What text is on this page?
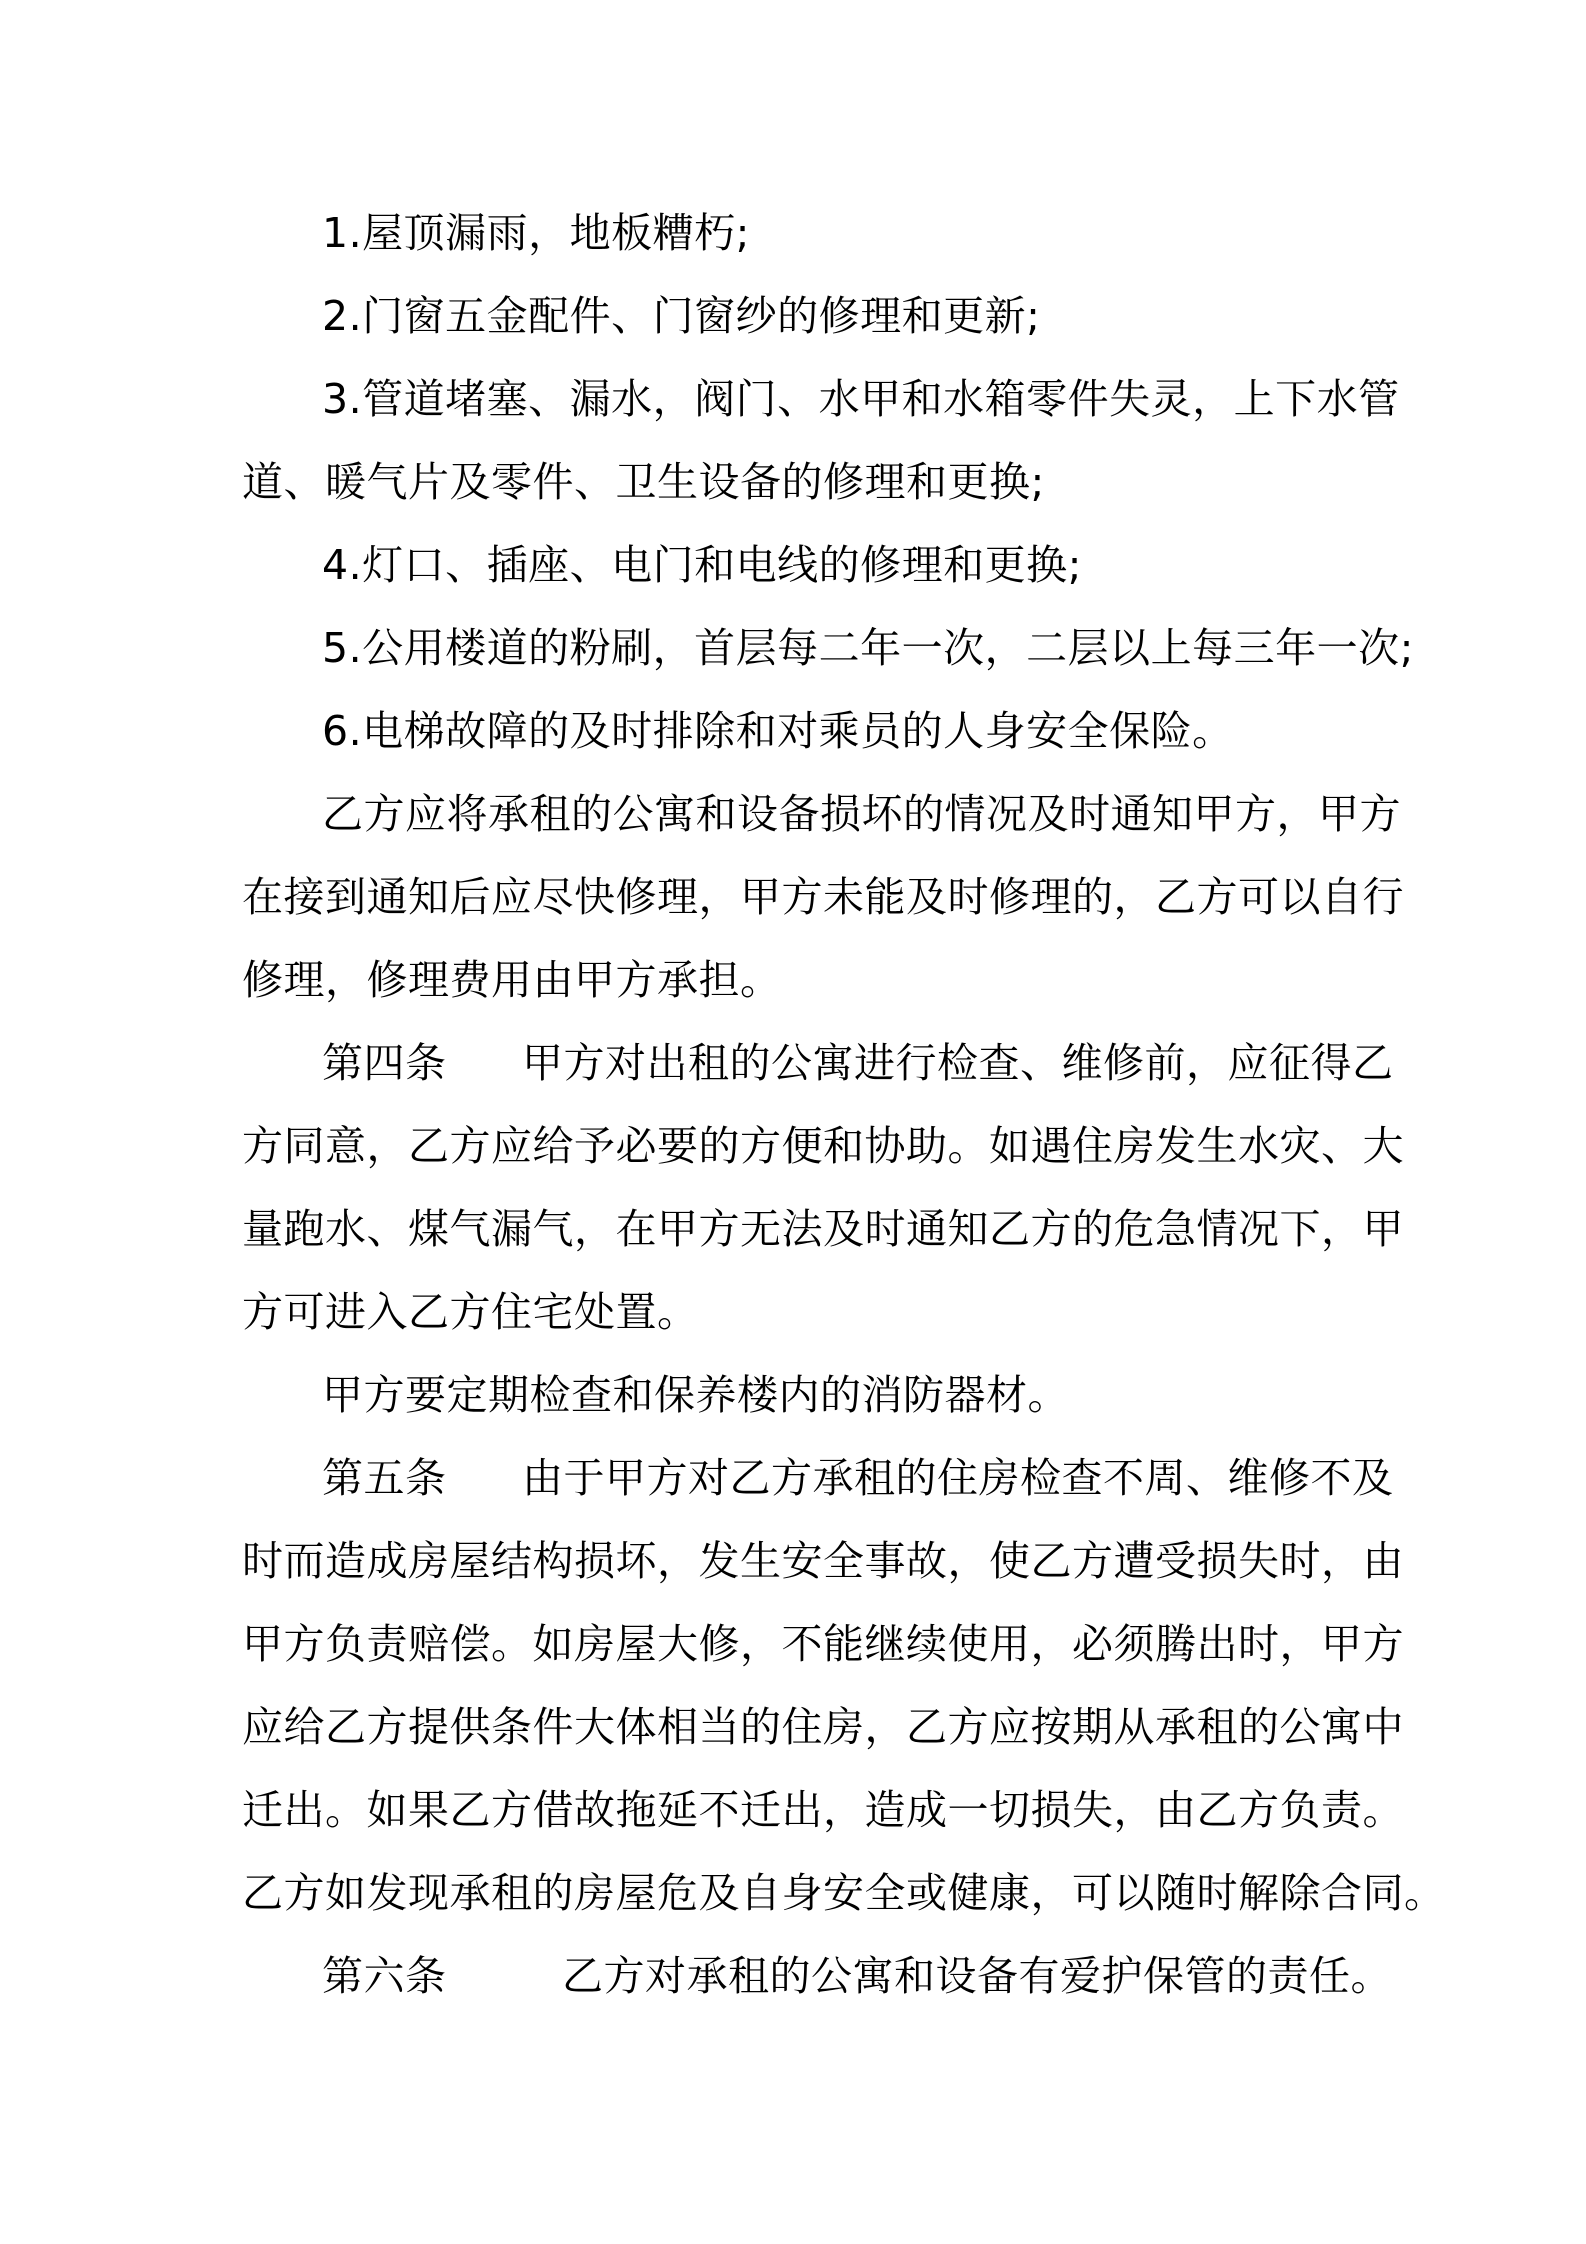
1.屋顶漏雨，地板糟朽;
2.门窗五金配件、门窗纱的修理和更新;
3.管道堵塞、漏水，阀门、水甲和水箱零件失灵，上下水管
道、暖气片及零件、卫生设备的修理和更换;
4.灯口、插座、电门和电线的修理和更换;
5.公用楼道的粉刷，首层每二年一次，二层以上每三年一次;
6.电梯故障的及时排除和对乘员的人身安全保险。
乙方应将承租的公寓和设备损坏的情况及时通知甲方，甲方
在接到通知后应尽快修理，甲方未能及时修理的，乙方可以自行
修理，修理费用由甲方承担。
第四条 甲方对出租的公寓进行检查、维修前，应征得乙
方同意，乙方应给予必要的方便和协助。如遇住房发生水灾、大
量跑水、煤气漏气，在甲方无法及时通知乙方的危急情况下，甲
方可进入乙方住宅处置。
甲方要定期检查和保养楼内的消防器材。
第五条 由于甲方对乙方承租的住房检查不周、维修不及
时而造成房屋结构损坏，发生安全事故，使乙方遭受损失时，由
甲方负责赔偿。如房屋大修，不能继续使用，必须腾出时，甲方
应给乙方提供条件大体相当的住房，乙方应按期从承租的公寓中
迁出。如果乙方借故拖延不迁出，造成一切损失，由乙方负责。
乙方如发现承租的房屋危及自身安全或健康，可以随时解除合同。
第六条	乙方对承租的公寓和设备有爱护保管的责任。
